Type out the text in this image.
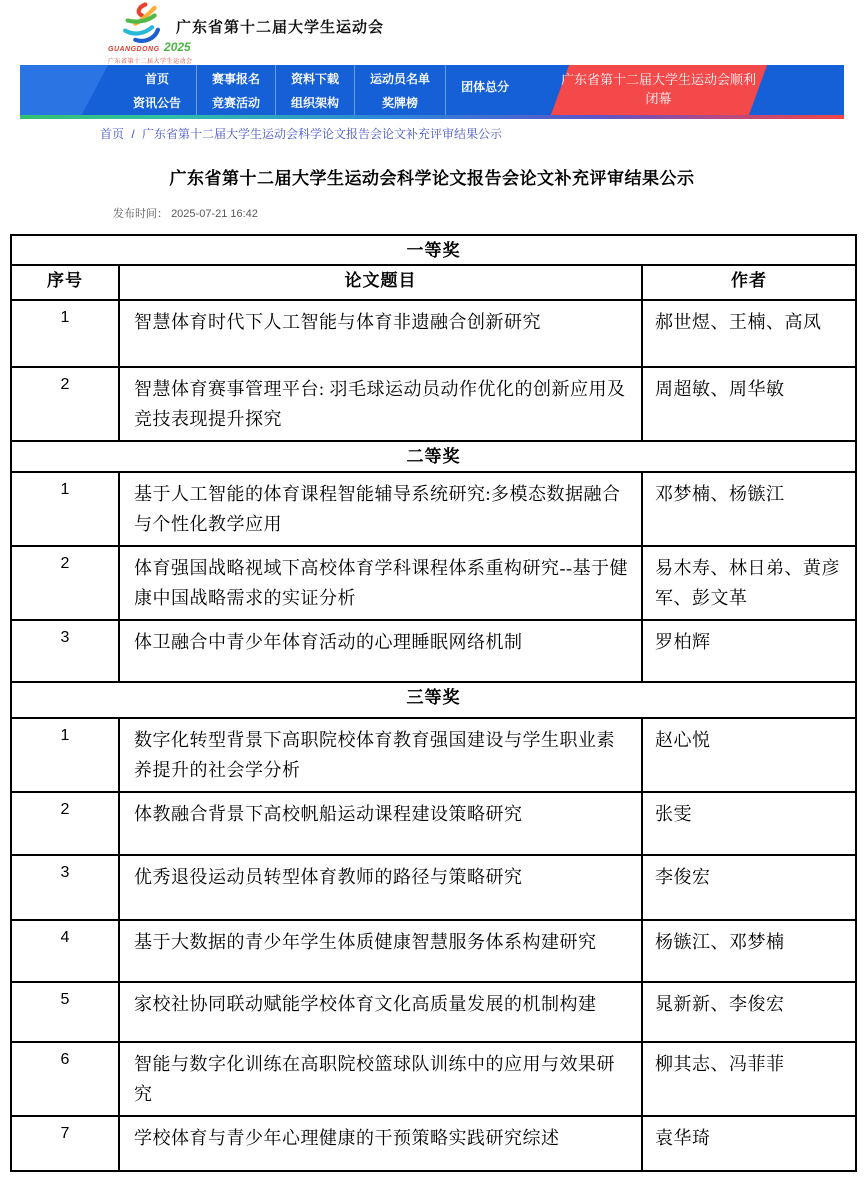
GUANGDONG 2025
广东省第十二届大学生运动会
广东省第十二届大学生运动会
首页
资讯公告
赛事报名
竞赛活动
资料下载
组织架构
运动员名单
奖牌榜
团体总分	广东省第十二届大学生运动会顺利
闭幕
首页 / 广东省第十二届大学生运动会科学论文报告会论文补充评审结果公示
广东省第十二届大学生运动会科学论文报告会论文补充评审结果公示
发布时间： 2025-07-21 16:42
一等奖		
序号	论文题目	作者
1	智慧体育时代下人工智能与体育非遗融合创新研究	郝世煜、王楠、高凤
2	智慧体育赛事管理平台: 羽毛球运动员动作优化的创新应用及竞技表现提升探究	周超敏、周华敏
二等奖		
1	基于人工智能的体育课程智能辅导系统研究:多模态数据融合与个性化教学应用	邓梦楠、杨镞江
2	体育强国战略视域下高校体育学科课程体系重构研究--基于健康中国战略需求的实证分析	易木寿、林日弟、黄彦军、彭文革
3	体卫融合中青少年体育活动的心理睡眠网络机制	罗柏辉
三等奖		
1	数字化转型背景下高职院校体育教育强国建设与学生职业素养提升的社会学分析	赵心悦
2	体教融合背景下高校帆船运动课程建设策略研究	张雯
3	优秀退役运动员转型体育教师的路径与策略研究	李俊宏
4	基于大数据的青少年学生体质健康智慧服务体系构建研究	杨镞江、邓梦楠
5	家校社协同联动赋能学校体育文化高质量发展的机制构建	晁新新、李俊宏
6	智能与数字化训练在高职院校篮球队训练中的应用与效果研究	柳其志、冯菲菲
7	学校体育与青少年心理健康的干预策略实践研究综述	袁华琦
